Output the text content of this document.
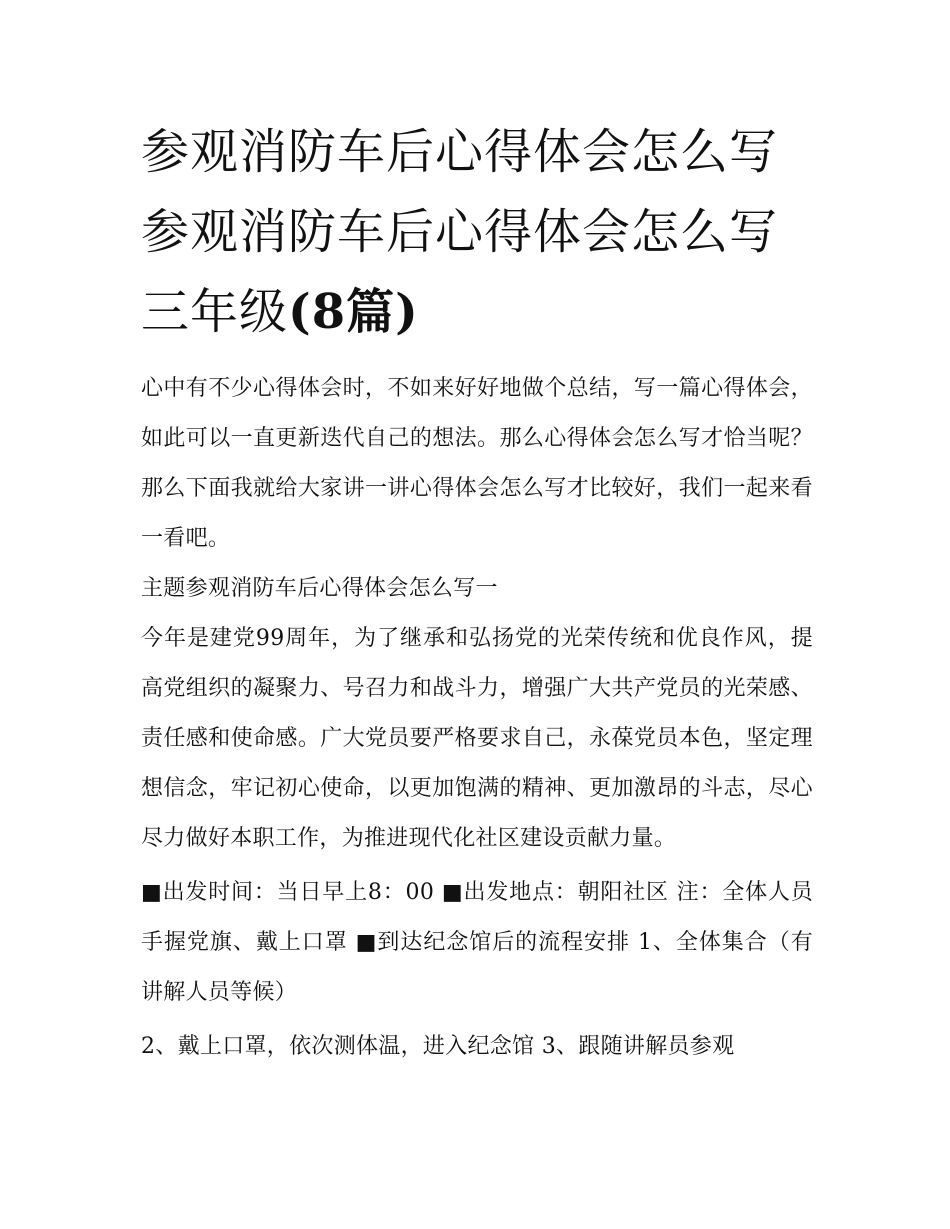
参观消防车后心得体会怎么写参观消防车后心得体会怎么写三年级(8篇)

心中有不少心得体会时，不如来好好地做个总结，写一篇心得体会，如此可以一直更新迭代自己的想法。那么心得体会怎么写才恰当呢？那么下面我就给大家讲一讲心得体会怎么写才比较好，我们一起来看一看吧。

主题参观消防车后心得体会怎么写一

今年是建党99周年，为了继承和弘扬党的光荣传统和优良作风，提高党组织的凝聚力、号召力和战斗力，增强广大共产党员的光荣感、责任感和使命感。广大党员要严格要求自己，永葆党员本色，坚定理想信念，牢记初心使命，以更加饱满的精神、更加激昂的斗志，尽心尽力做好本职工作，为推进现代化社区建设贡献力量。

■出发时间：当日早上8：00 ■出发地点：朝阳社区 注：全体人员手握党旗、戴上口罩 ■到达纪念馆后的流程安排 1、全体集合（有讲解人员等候）

2、戴上口罩，依次测体温，进入纪念馆 3、跟随讲解员参观
